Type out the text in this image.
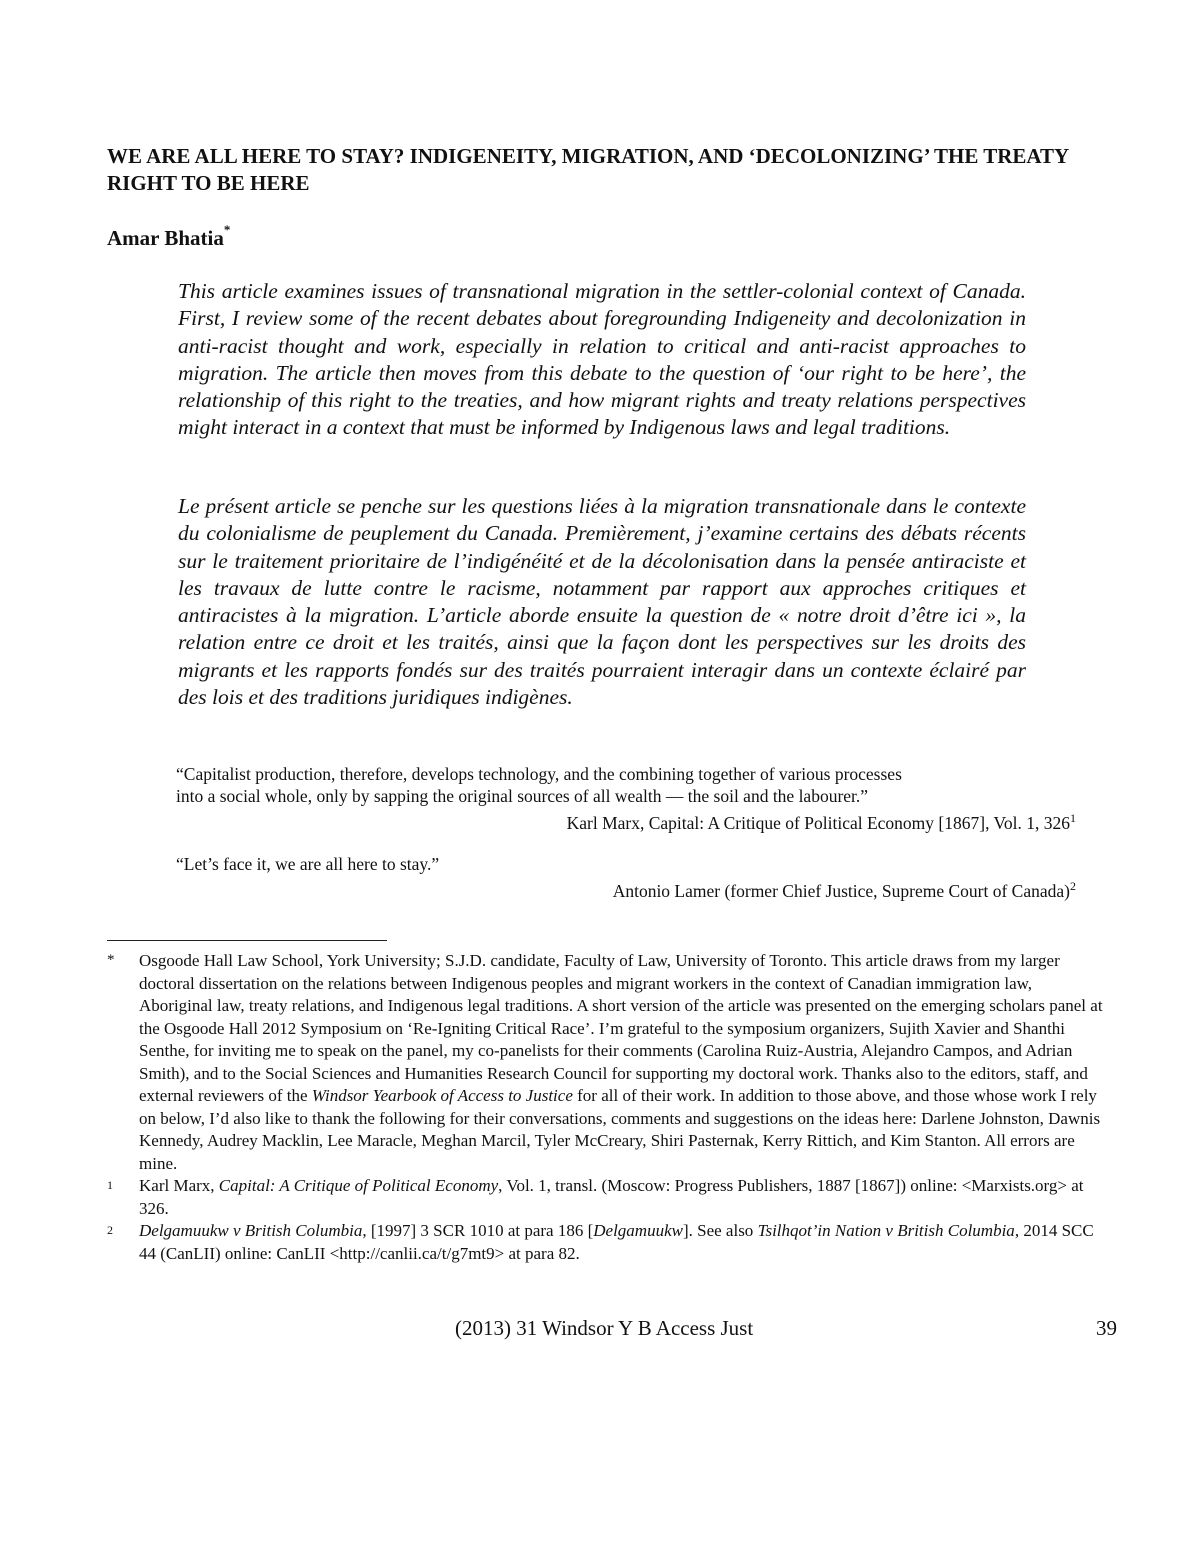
WE ARE ALL HERE TO STAY? INDIGENEITY, MIGRATION, AND ‘DECOLONIZING’ THE TREATY RIGHT TO BE HERE

Amar Bhatia*

This article examines issues of transnational migration in the settler-colonial context of Canada. First, I review some of the recent debates about foregrounding Indigeneity and decolonization in anti-racist thought and work, especially in relation to critical and anti-racist approaches to migration. The article then moves from this debate to the question of ‘our right to be here’, the relationship of this right to the treaties, and how migrant rights and treaty relations perspectives might interact in a context that must be informed by Indigenous laws and legal traditions.

Le présent article se penche sur les questions liées à la migration transnationale dans le contexte du colonialisme de peuplement du Canada. Premièrement, j’examine certains des débats récents sur le traitement prioritaire de l’indigénéité et de la décolonisation dans la pensée antiraciste et les travaux de lutte contre le racisme, notamment par rapport aux approches critiques et antiracistes à la migration. L’article aborde ensuite la question de « notre droit d’être ici », la relation entre ce droit et les traités, ainsi que la façon dont les perspectives sur les droits des migrants et les rapports fondés sur des traités pourraient interagir dans un contexte éclairé par des lois et des traditions juridiques indigènes.

“Capitalist production, therefore, develops technology, and the combining together of various processes

into a social whole, only by sapping the original sources of all wealth — the soil and the labourer.”

Karl Marx, Capital: A Critique of Political Economy [1867], Vol. 1, $326^1$

“Let’s face it, we are all here to stay.”

Antonio Lamer (former Chief Justice, Supreme Court of Canada)$^2$

*	Osgoode Hall Law School, York University; S.J.D. candidate, Faculty of Law, University of Toronto. This article draws from my larger doctoral dissertation on the relations between Indigenous peoples and migrant workers in the context of Canadian immigration law, Aboriginal law, treaty relations, and Indigenous legal traditions. A short version of the article was presented on the emerging scholars panel at the Osgoode Hall 2012 Symposium on ‘Re-Igniting Critical Race’. I’m grateful to the symposium organizers, Sujith Xavier and Shanthi Senthe, for inviting me to speak on the panel, my co-panelists for their comments (Carolina Ruiz-Austria, Alejandro Campos, and Adrian Smith), and to the Social Sciences and Humanities Research Council for supporting my doctoral work. Thanks also to the editors, staff, and external reviewers of the Windsor Yearbook of Access to Justice for all of their work. In addition to those above, and those whose work I rely on below, I’d also like to thank the following for their conversations, comments and suggestions on the ideas here: Darlene Johnston, Dawnis Kennedy, Audrey Macklin, Lee Maracle, Meghan Marcil, Tyler McCreary, Shiri Pasternak, Kerry Rittich, and Kim Stanton. All errors are mine.
1	Karl Marx, Capital: A Critique of Political Economy, Vol. 1, transl. (Moscow: Progress Publishers, 1887 [1867]) online: <Marxists.org> at 326.
2	Delgamuukw v British Columbia, [1997] 3 SCR 1010 at para 186 [Delgamuukw]. See also Tsilhqot’in Nation v British Columbia, 2014 SCC 44 (CanLII) online: CanLII <http://canlii.ca/t/g7mt9> at para 82.
(2013) 31 Windsor Y B Access Just	39
